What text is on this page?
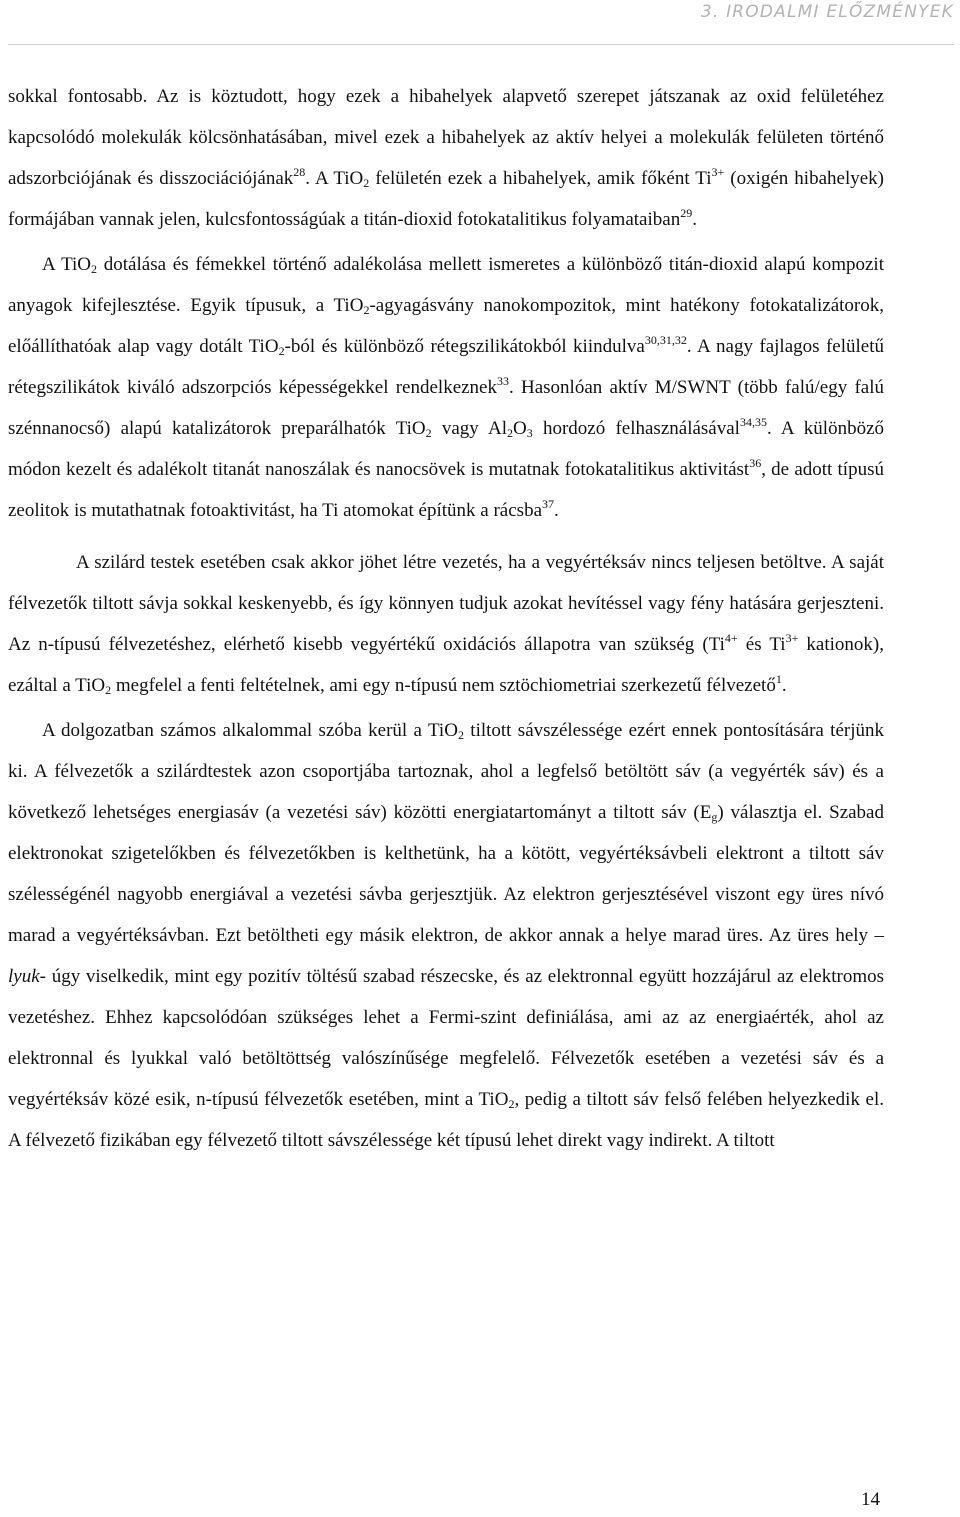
3. IRODALMI ELŐZMÉNYEK

sokkal fontosabb. Az is köztudott, hogy ezek a hibahelyek alapvető szerepet játszanak az oxid felületéhez kapcsolódó molekulák kölcsönhatásában, mivel ezek a hibahelyek az aktív helyei a molekulák felületen történő adszorbciójának és disszociációjának$^{28}$. A TiO$_2$ felületén ezek a hibahelyek, amik főként $Ti^{3+}$ (oxigén hibahelyek) formájában vannak jelen, kulcsfontosságúak a titán-dioxid fotokatalitikus folyamataiban$^{29}$.

A TiO$_2$ dotálása és fémekkel történő adalékolása mellett ismeretes a különböző titán-dioxid alapú kompozit anyagok kifejlesztése. Egyik típusuk, a TiO$_2$-agyagásvány nanokompozitok, mint hatékony fotokatalizátorok, előállíthatóak alap vagy dotált TiO$_2$-ból és különböző rétegszilikátokból kiindulva$^{30,31,32}$. A nagy fajlagos felületű rétegszilikátok kiváló adszorpciós képességekkel rendelkeznek$^{33}$. Hasonlóan aktív M/SWNT (több falú/egy falú szénnanocső) alapú katalizátorok preparálhatók TiO$_2$ vagy $Al_2O_3$ hordozó felhasználásával$^{34,35}$. A különböző módon kezelt és adalékolt titanát nanoszálak és nanocsövek is mutatnak fotokatalitikus aktivitást$^{36}$, de adott típusú zeolitok is mutathatnak fotoaktivitást, ha Ti atomokat építünk a rácsba$^{37}$.

A szilárd testek esetében csak akkor jöhet létre vezetés, ha a vegyértéksáv nincs teljesen betöltve. A saját félvezetők tiltott sávja sokkal keskenyebb, és így könnyen tudjuk azokat hevítéssel vagy fény hatására gerjeszteni. Az n-típusú félvezetéshez, elérhető kisebb vegyértékű oxidációs állapotra van szükség ($Ti^{4+}$ és $Ti^{3+}$ kationok), ezáltal a TiO$_2$ megfelel a fenti feltételnek, ami egy n-típusú nem sztöchiometriai szerkezetű félvezető$^1$.

A dolgozatban számos alkalommal szóba kerül a TiO$_2$ tiltott sávszélessége ezért ennek pontosítására térjünk ki. A félvezetők a szilárdtestek azon csoportjába tartoznak, ahol a legfelső betöltött sáv (a vegyérték sáv) és a következő lehetséges energiasáv (a vezetési sáv) közötti energiatartományt a tiltott sáv $(E_g)$ választja el. Szabad elektronokat szigetelőkben és félvezetőkben is kelthetünk, ha a kötött, vegyértéksávbeli elektront a tiltott sáv szélességénél nagyobb energiával a vezetési sávba gerjesztjük. Az elektron gerjesztésével viszont egy üres nívó marad a vegyértéksávban. Ezt betöltheti egy másik elektron, de akkor annak a helye marad üres. Az üres hely –lyuk- úgy viselkedik, mint egy pozitív töltésű szabad részecske, és az elektronnal együtt hozzájárul az elektromos vezetéshez. Ehhez kapcsolódóan szükséges lehet a Fermi-szint definiálása, ami az az energiaérték, ahol az elektronnal és lyukkal való betöltöttség valószínűsége megfelelő. Félvezetők esetében a vezetési sáv és a vegyértéksáv közé esik, n-típusú félvezetők esetében, mint a TiO$_2$, pedig a tiltott sáv felső felében helyezkedik el. A félvezető fizikában egy félvezető tiltott sávszélessége két típusú lehet direkt vagy indirekt. A tiltott

14
